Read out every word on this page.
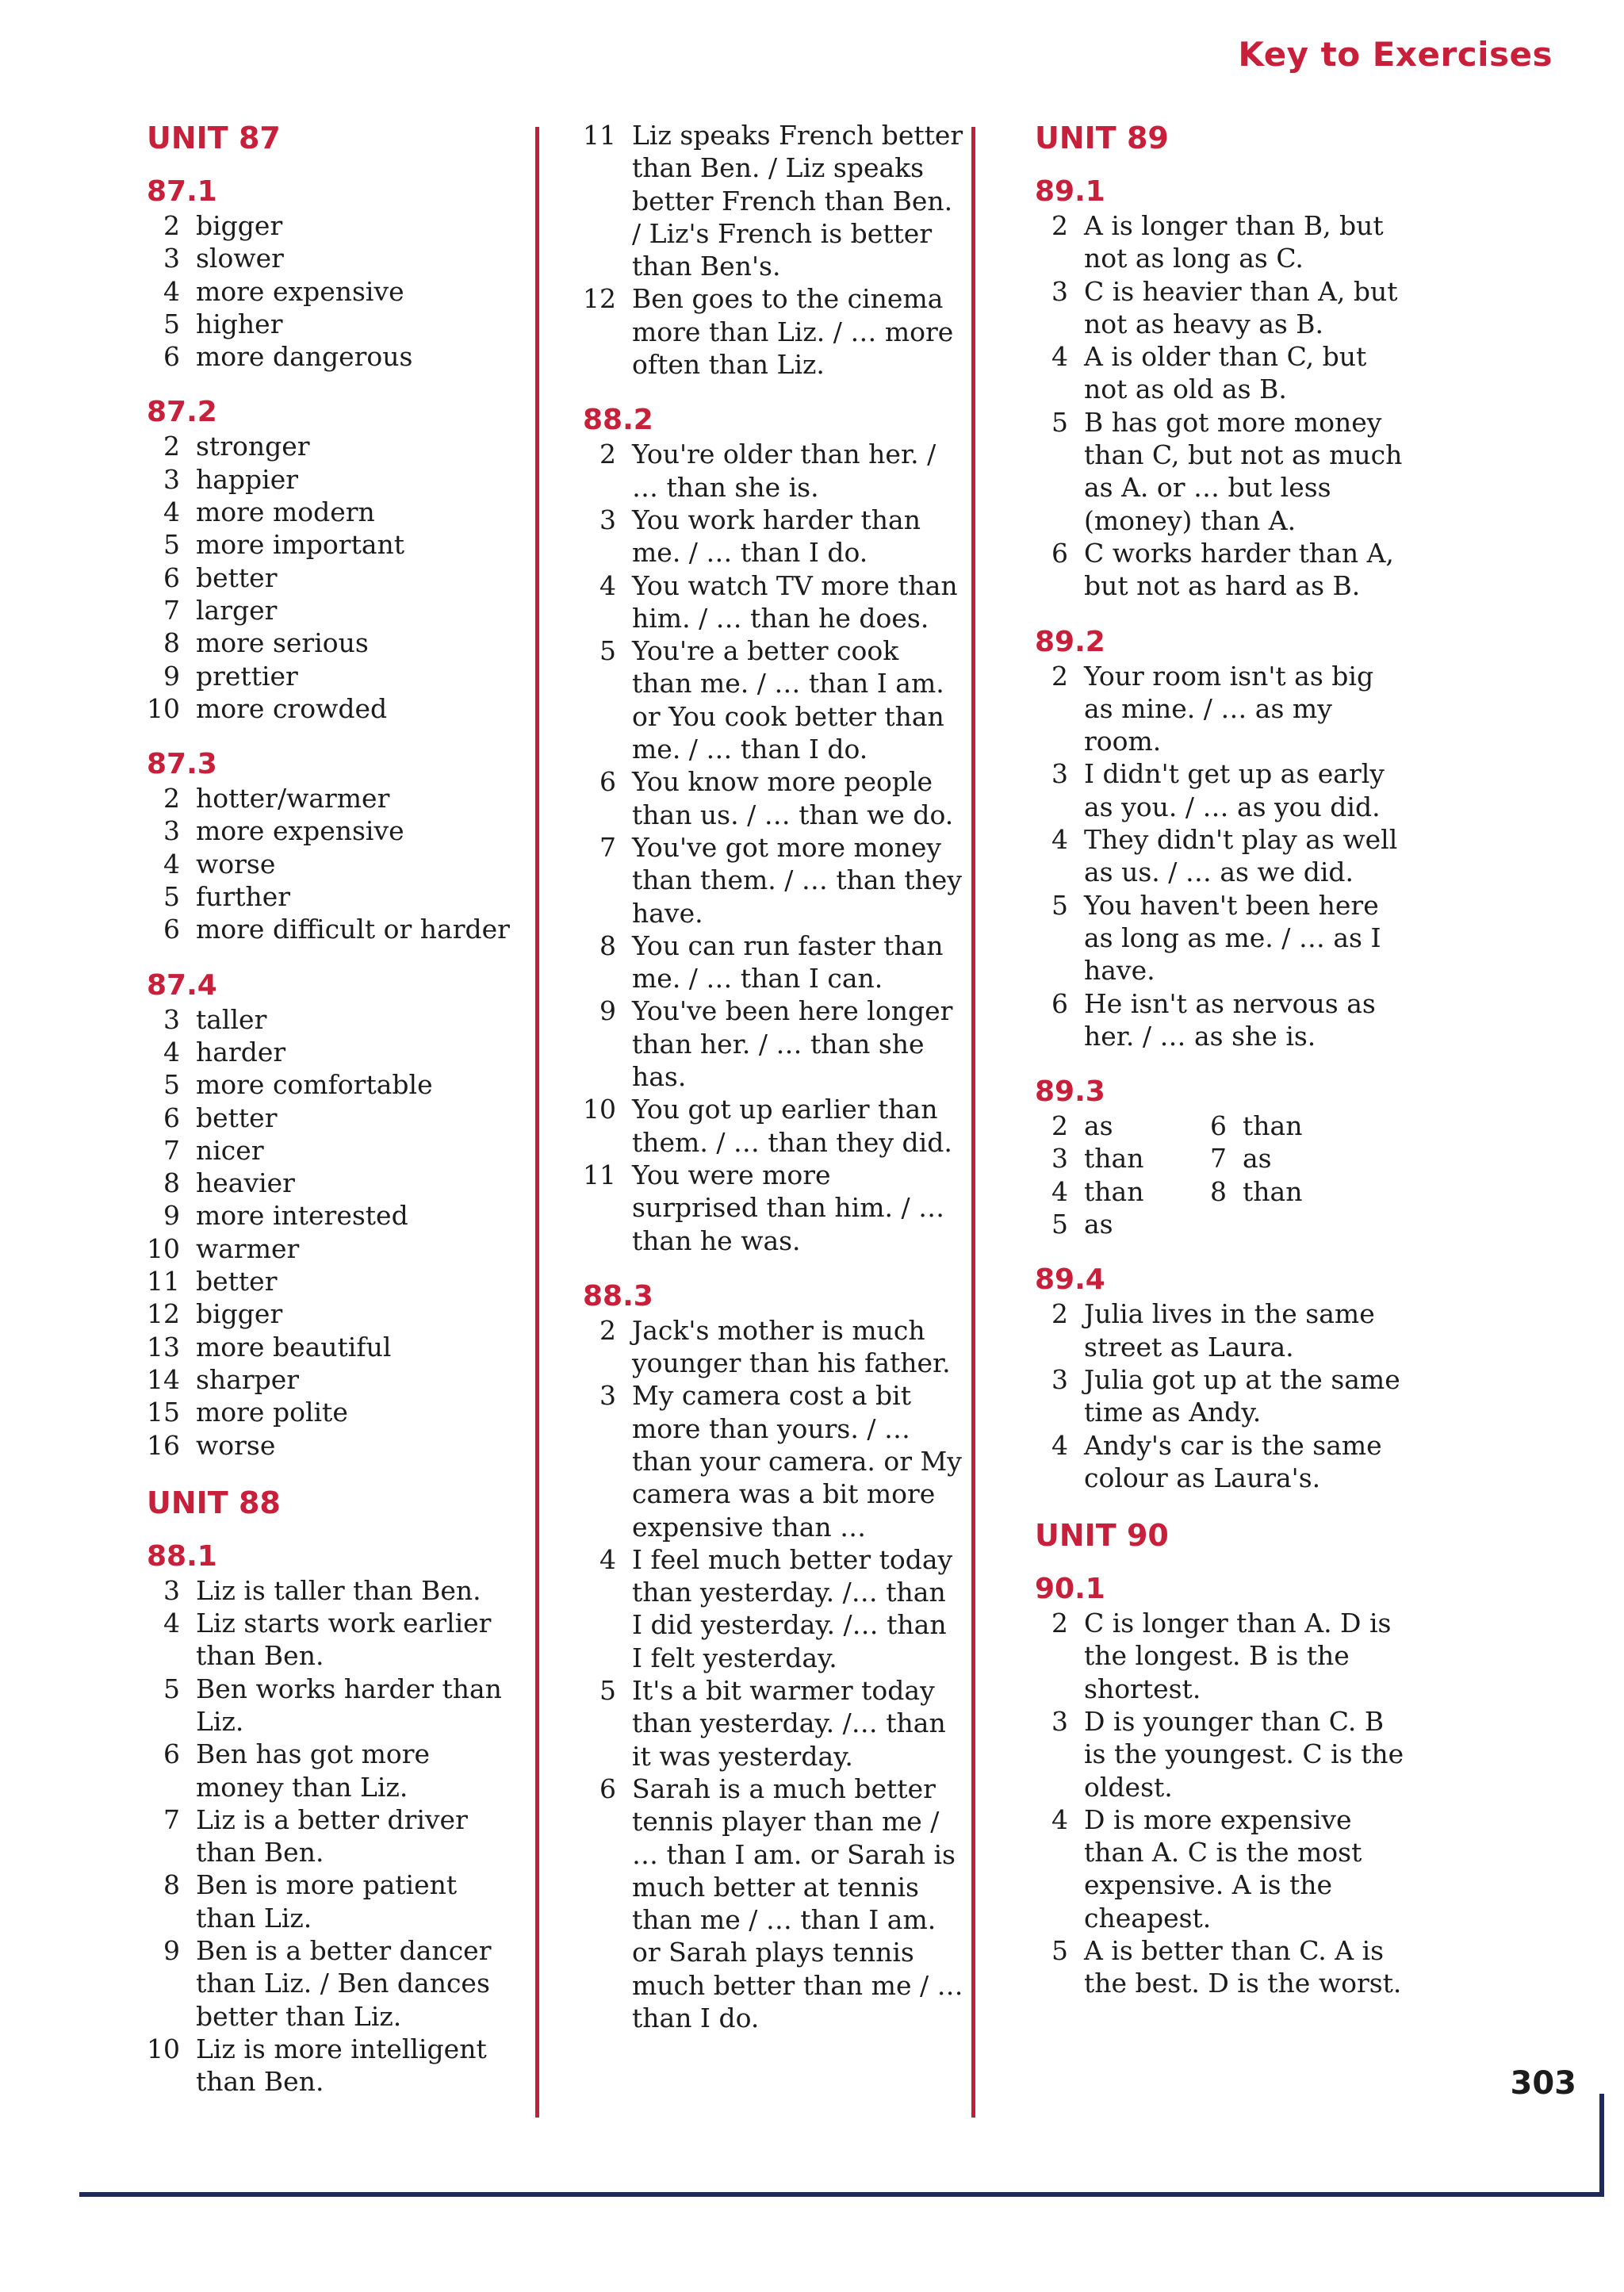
Key to Exercises
UNIT 87
87.1
2 bigger
3 slower
4 more expensive
5 higher
6 more dangerous
87.2
2 stronger
3 happier
4 more modern
5 more important
6 better
7 larger
8 more serious
9 prettier
10 more crowded
87.3
2 hotter/warmer
3 more expensive
4 worse
5 further
6 more difficult or harder
87.4
3 taller
4 harder
5 more comfortable
6 better
7 nicer
8 heavier
9 more interested
10 warmer
11 better
12 bigger
13 more beautiful
14 sharper
15 more polite
16 worse
UNIT 88
88.1
3 Liz is taller than Ben.
4 Liz starts work earlier than Ben.
5 Ben works harder than Liz.
6 Ben has got more money than Liz.
7 Liz is a better driver than Ben.
8 Ben is more patient than Liz.
9 Ben is a better dancer than Liz. / Ben dances better than Liz.
10 Liz is more intelligent than Ben.
11 Liz speaks French better than Ben. / Liz speaks better French than Ben. / Liz's French is better than Ben's.
12 Ben goes to the cinema more than Liz. / … more often than Liz.
88.2
2 You're older than her. / … than she is.
3 You work harder than me. / … than I do.
4 You watch TV more than him. / … than he does.
5 You're a better cook than me. / … than I am. or You cook better than me. / … than I do.
6 You know more people than us. / … than we do.
7 You've got more money than them. / … than they have.
8 You can run faster than me. / … than I can.
9 You've been here longer than her. / … than she has.
10 You got up earlier than them. / … than they did.
11 You were more surprised than him. / … than he was.
88.3
2 Jack's mother is much younger than his father.
3 My camera cost a bit more than yours. / … than your camera. or My camera was a bit more expensive than …
4 I feel much better today than yesterday. /… than I did yesterday. /… than I felt yesterday.
5 It's a bit warmer today than yesterday. /… than it was yesterday.
6 Sarah is a much better tennis player than me / … than I am. or Sarah is much better at tennis than me / … than I am. or Sarah plays tennis much better than me / … than I do.
UNIT 89
89.1
2 A is longer than B, but not as long as C.
3 C is heavier than A, but not as heavy as B.
4 A is older than C, but not as old as B.
5 B has got more money than C, but not as much as A. or … but less (money) than A.
6 C works harder than A, but not as hard as B.
89.2
2 Your room isn't as big as mine. / … as my room.
3 I didn't get up as early as you. / … as you did.
4 They didn't play as well as us. / … as we did.
5 You haven't been here as long as me. / … as I have.
6 He isn't as nervous as her. / … as she is.
89.3
2 as	6 than
3 than	7 as
4 than	8 than
5 as
89.4
2 Julia lives in the same street as Laura.
3 Julia got up at the same time as Andy.
4 Andy's car is the same colour as Laura's.
UNIT 90
90.1
2 C is longer than A. D is the longest. B is the shortest.
3 D is younger than C. B is the youngest. C is the oldest.
4 D is more expensive than A. C is the most expensive. A is the cheapest.
5 A is better than C. A is the best. D is the worst.
303
